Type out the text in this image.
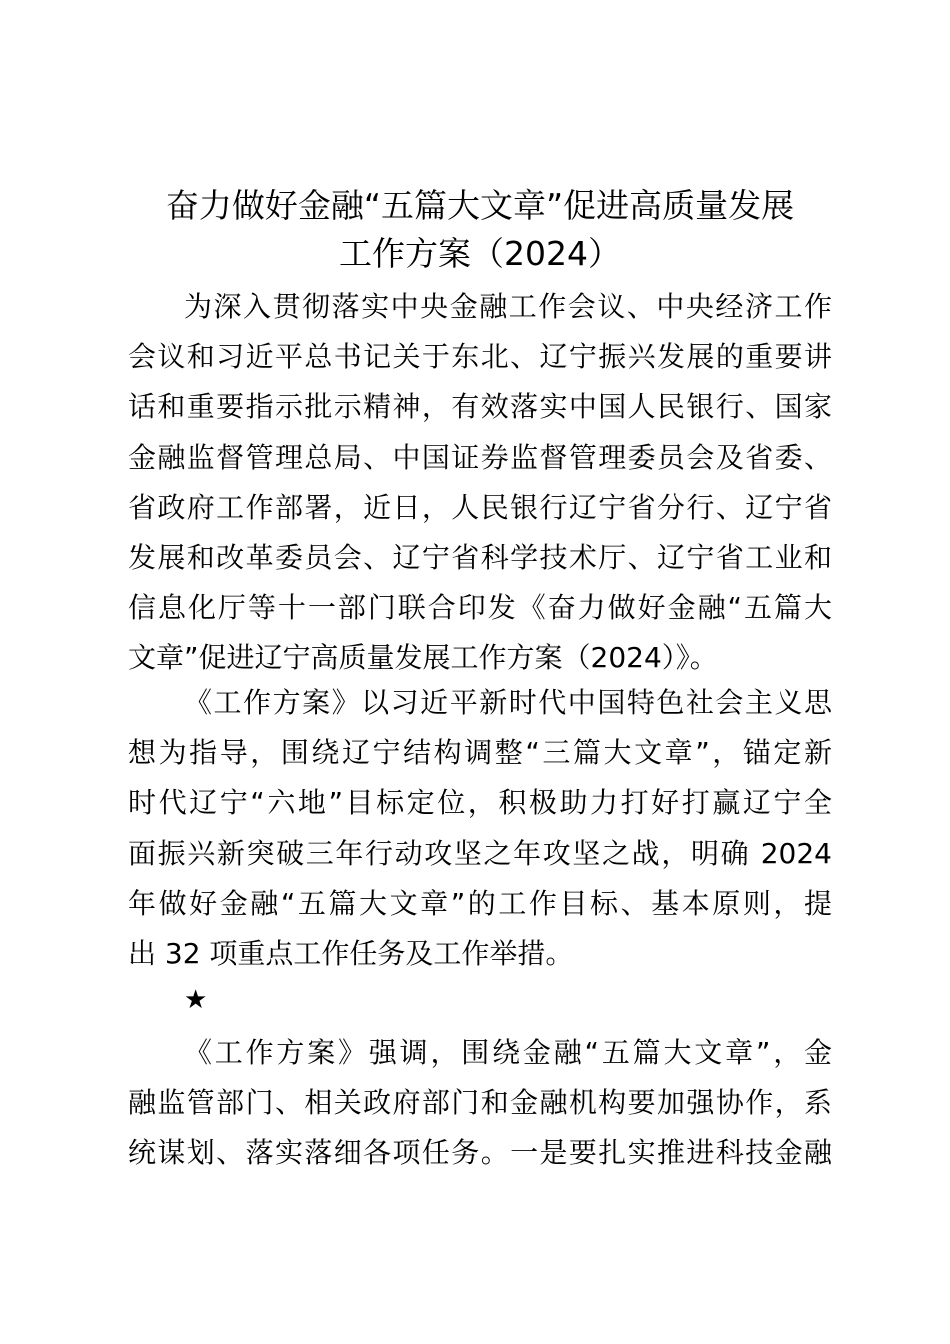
奋力做好金融“五篇大文章”促进高质量发展
工作方案（2024）
为深入贯彻落实中央金融工作会议、中央经济工作
会议和习近平总书记关于东北、辽宁振兴发展的重要讲
话和重要指示批示精神，有效落实中国人民银行、国家
金融监督管理总局、中国证券监督管理委员会及省委、
省政府工作部署，近日，人民银行辽宁省分行、辽宁省
发展和改革委员会、辽宁省科学技术厅、辽宁省工业和
信息化厅等十一部门联合印发《奋力做好金融“五篇大
文章”促进辽宁高质量发展工作方案（2024）》。
《工作方案》以习近平新时代中国特色社会主义思
想为指导，围绕辽宁结构调整“三篇大文章”，锚定新
时代辽宁“六地”目标定位，积极助力打好打赢辽宁全
面振兴新突破三年行动攻坚之年攻坚之战，明确 2024
年做好金融“五篇大文章”的工作目标、基本原则，提
出 32 项重点工作任务及工作举措。
★
《工作方案》强调，围绕金融“五篇大文章”，金
融监管部门、相关政府部门和金融机构要加强协作，系
统谋划、落实落细各项任务。一是要扎实推进科技金融
